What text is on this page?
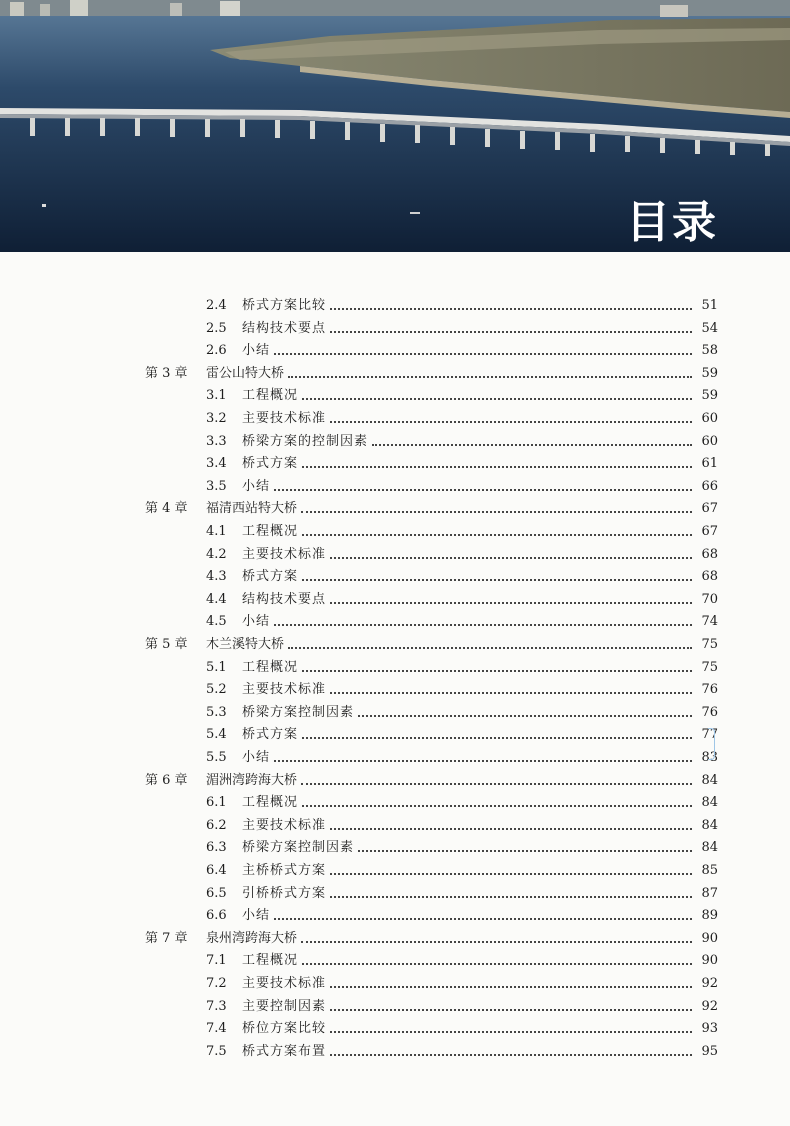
目录
2.4 桥式方案比较	51
2.5 结构技术要点	54
2.6 小结	58
第 3 章 雷公山特大桥	59
3.1 工程概况	59
3.2 主要技术标准	60
3.3 桥梁方案的控制因素	60
3.4 桥式方案	61
3.5 小结	66
第 4 章 福清西站特大桥	67
4.1 工程概况	67
4.2 主要技术标准	68
4.3 桥式方案	68
4.4 结构技术要点	70
4.5 小结	74
第 5 章 木兰溪特大桥	75
5.1 工程概况	75
5.2 主要技术标准	76
5.3 桥梁方案控制因素	76
5.4 桥式方案	77
5.5 小结	83
第 6 章 湄洲湾跨海大桥	84
6.1 工程概况	84
6.2 主要技术标准	84
6.3 桥梁方案控制因素	84
6.4 主桥桥式方案	85
6.5 引桥桥式方案	87
6.6 小结	89
第 7 章 泉州湾跨海大桥	90
7.1 工程概况	90
7.2 主要技术标准	92
7.3 主要控制因素	92
7.4 桥位方案比较	93
7.5 桥式方案布置	95
